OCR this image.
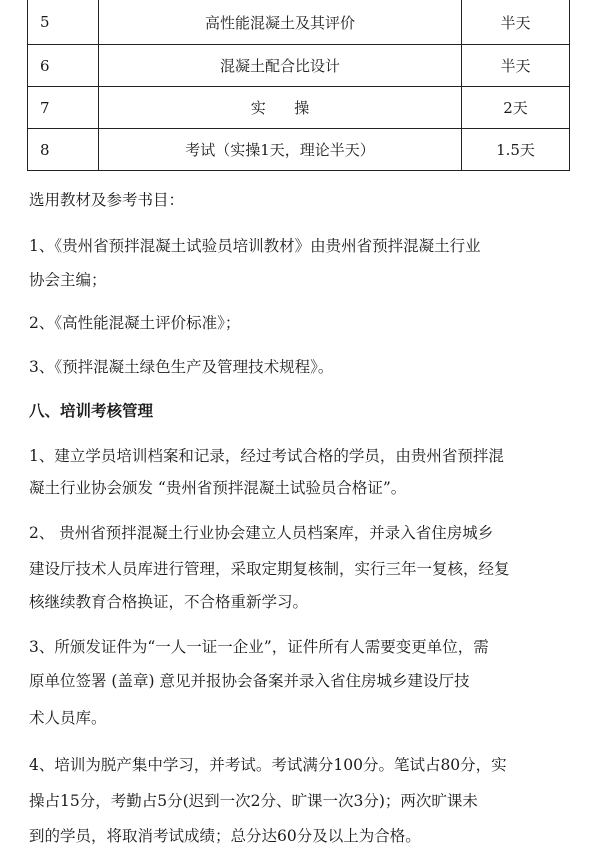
5	高性能混凝土及其评价	半天
6	混凝土配合比设计	半天
7	实      操	2天
8	考试（实操1天，理论半天）	1.5天

选用教材及参考书目：

1、《贵州省预拌混凝土试验员培训教材》由贵州省预拌混凝土行业

协会主编；

2、《高性能混凝土评价标准》；

3、《预拌混凝土绿色生产及管理技术规程》。

八、培训考核管理

1、建立学员培训档案和记录，经过考试合格的学员，由贵州省预拌混

凝土行业协会颁发 “贵州省预拌混凝土试验员合格证”。

2、 贵州省预拌混凝土行业协会建立人员档案库，并录入省住房城乡

建设厅技术人员库进行管理，采取定期复核制，实行三年一复核，经复

核继续教育合格换证，不合格重新学习。

3、所颁发证件为“一人一证一企业”，证件所有人需要变更单位，需

原单位签署 (盖章) 意见并报协会备案并录入省住房城乡建设厅技

术人员库。

4、培训为脱产集中学习，并考试。考试满分100分。笔试占80分，实

操占15分，考勤占5分(迟到一次2分、旷课一次3分)；两次旷课未

到的学员，将取消考试成绩；总分达60分及以上为合格。
